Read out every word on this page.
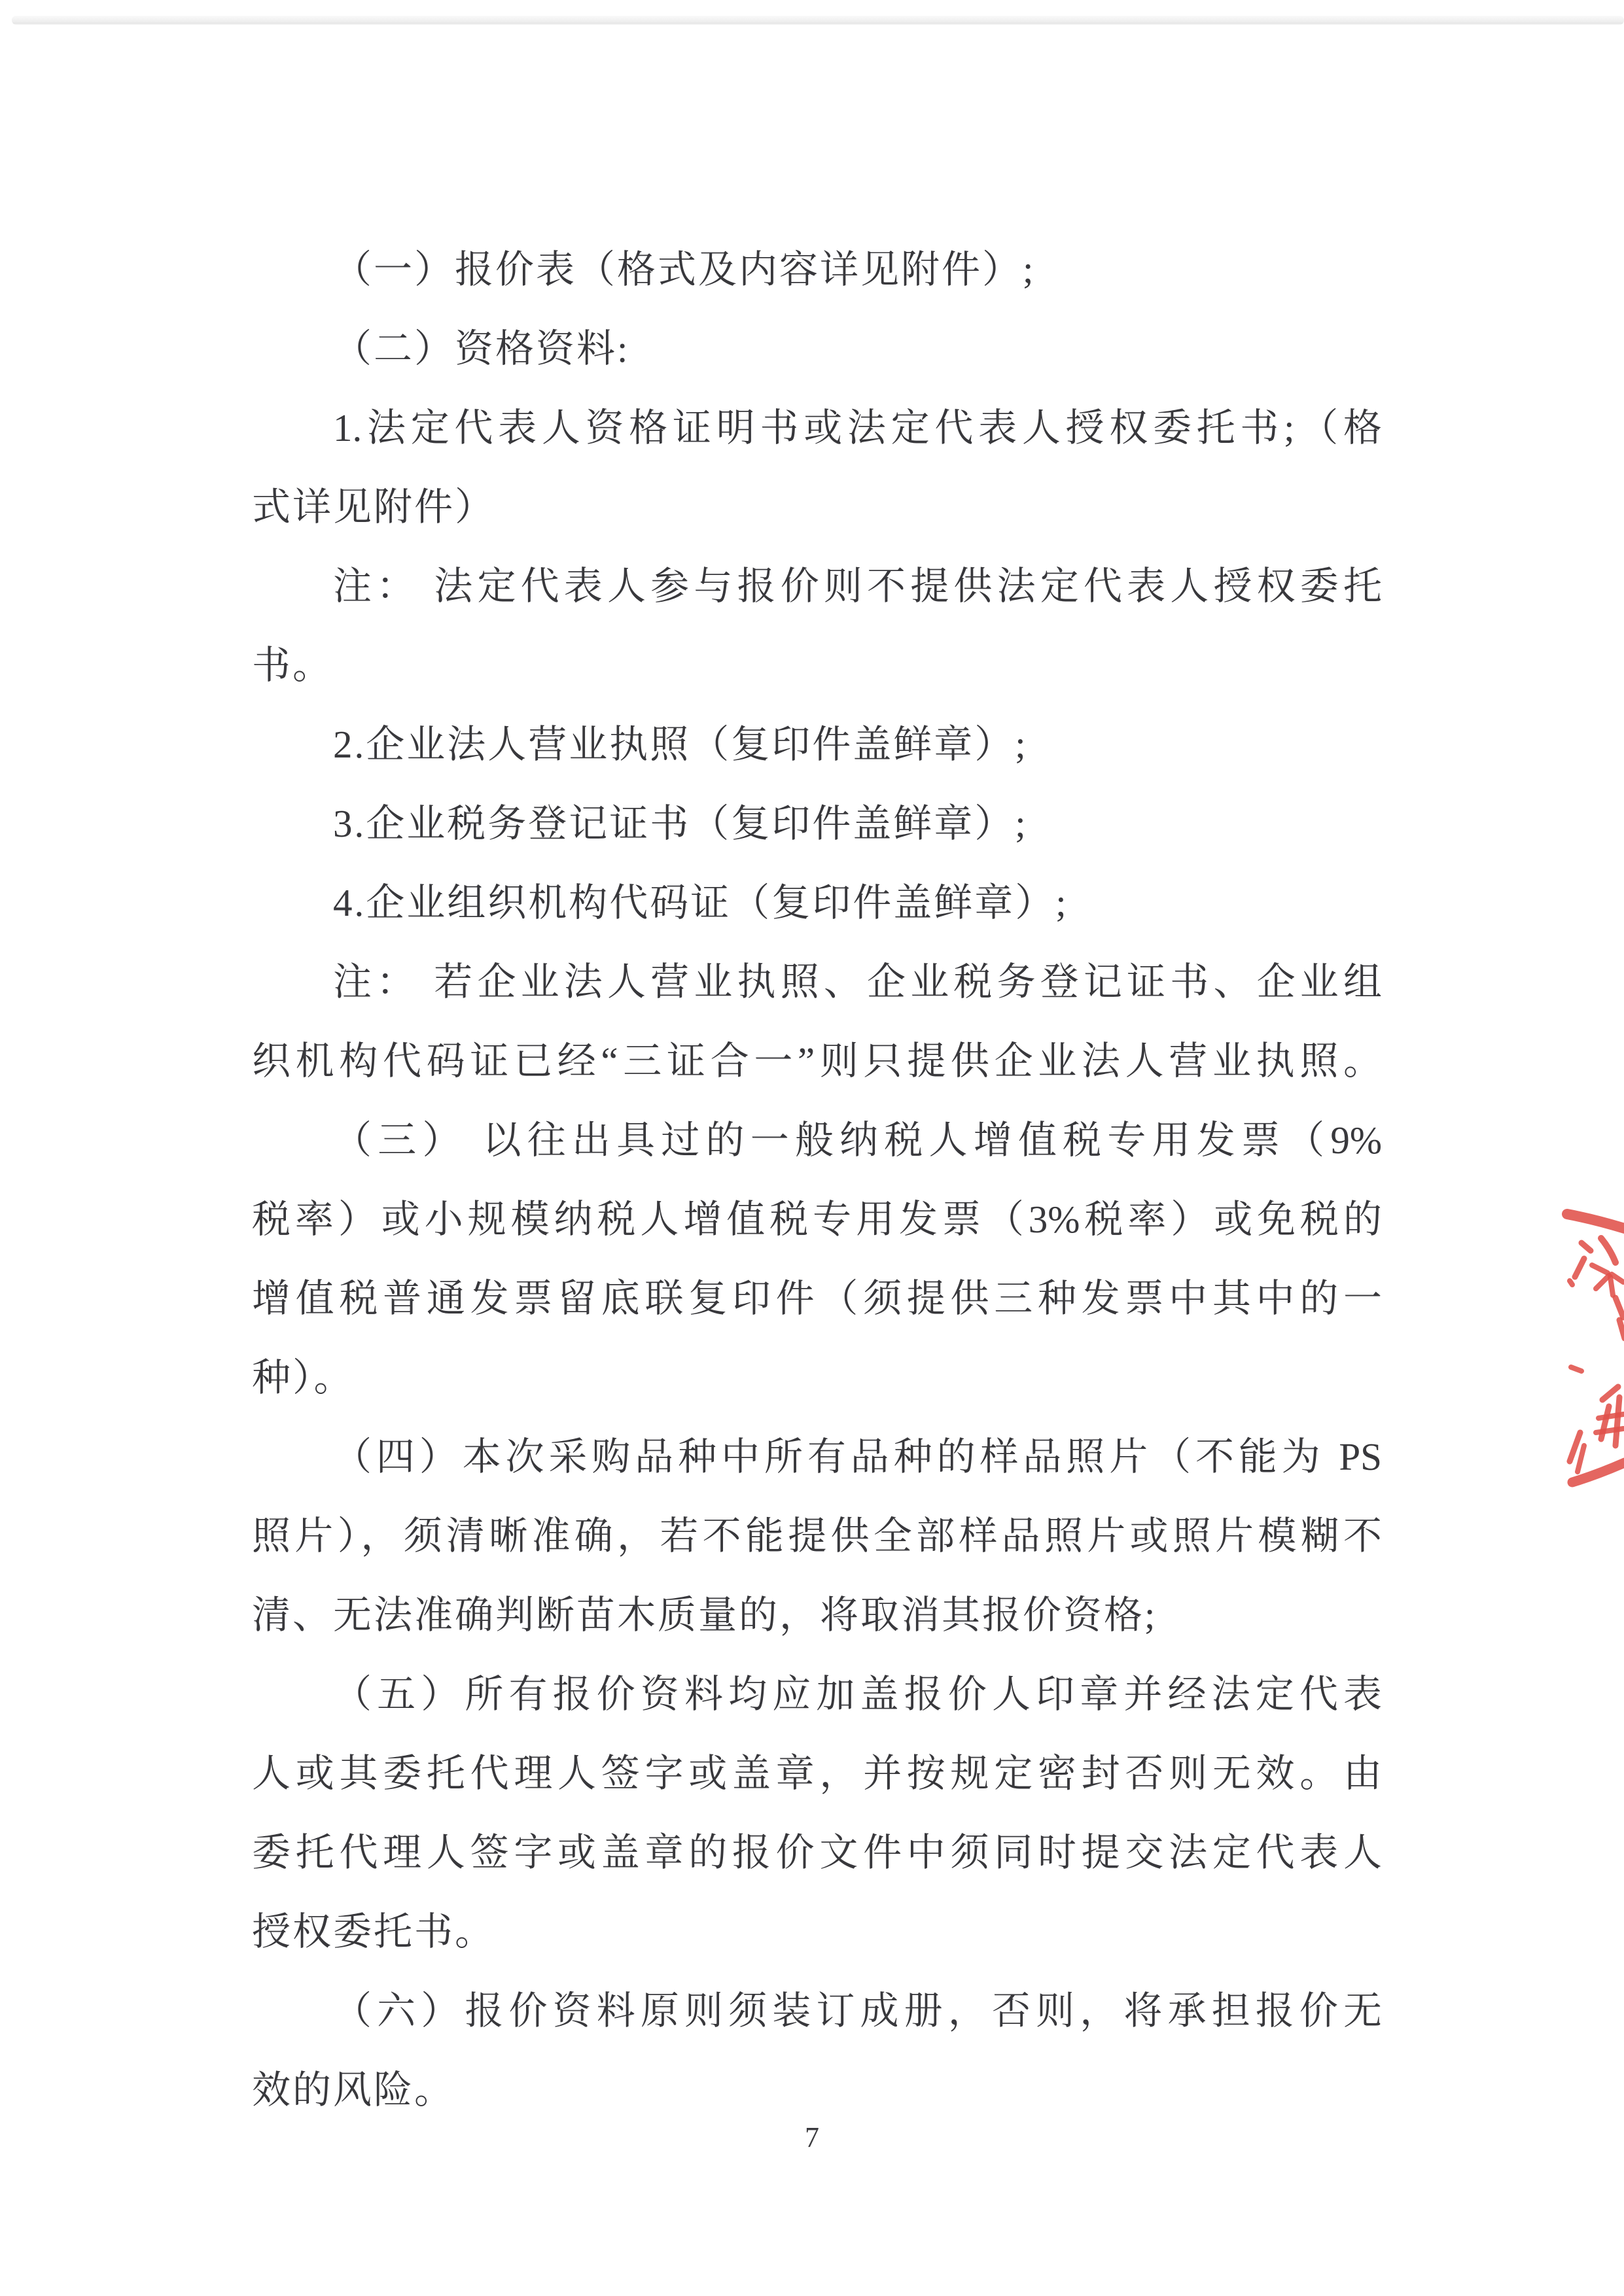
（一）报价表（格式及内容详见附件）;
（二）资格资料:
1.法定代表人资格证明书或法定代表人授权委托书;（格
式详见附件）
注： 法定代表人参与报价则不提供法定代表人授权委托
书。
2.企业法人营业执照（复印件盖鲜章）;
3.企业税务登记证书（复印件盖鲜章）;
4.企业组织机构代码证（复印件盖鲜章）;
注： 若企业法人营业执照、企业税务登记证书、企业组
织机构代码证已经“三证合一”则只提供企业法人营业执照。
（三） 以往出具过的一般纳税人增值税专用发票（9%
税率）或小规模纳税人增值税专用发票（3%税率）或免税的
增值税普通发票留底联复印件（须提供三种发票中其中的一
种）。
（四）本次采购品种中所有品种的样品照片（不能为 PS
照片），须清晰准确，若不能提供全部样品照片或照片模糊不
清、无法准确判断苗木质量的，将取消其报价资格;
（五）所有报价资料均应加盖报价人印章并经法定代表
人或其委托代理人签字或盖章，并按规定密封否则无效。由
委托代理人签字或盖章的报价文件中须同时提交法定代表人
授权委托书。
（六）报价资料原则须装订成册，否则，将承担报价无
效的风险。
7
